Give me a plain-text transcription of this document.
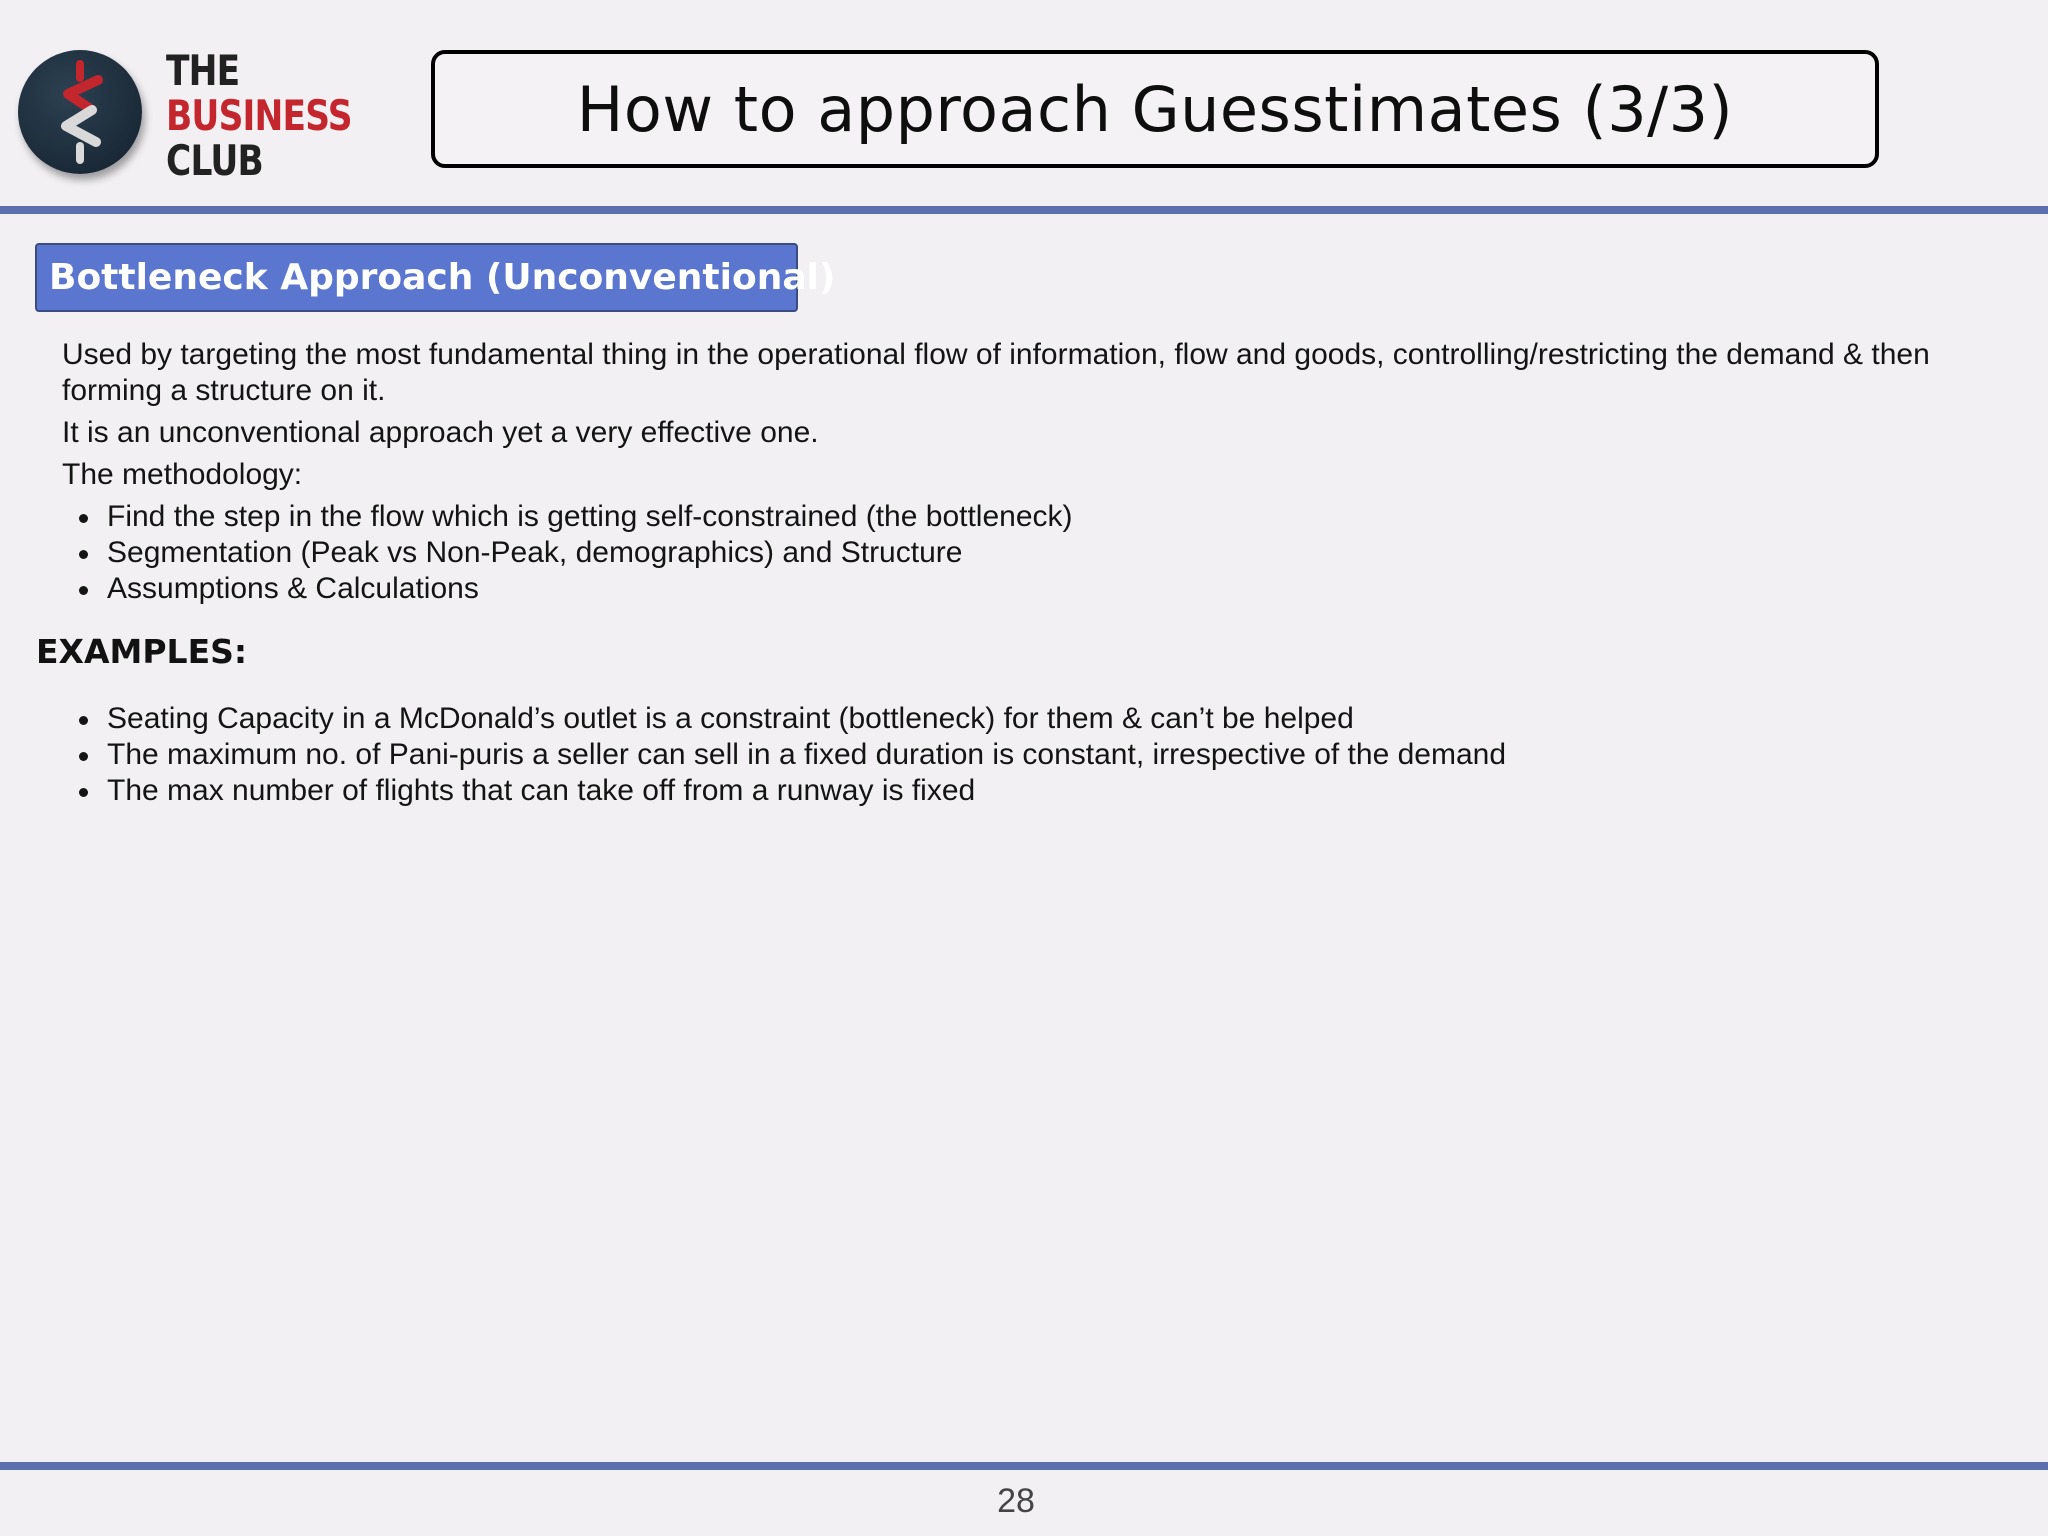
THE
BUSINESS
CLUB
How to approach Guesstimates (3/3)
Bottleneck Approach (Unconventional)

Used by targeting the most fundamental thing in the operational flow of information, flow and goods, controlling/restricting the demand & then forming a structure on it.

It is an unconventional approach yet a very effective one.

The methodology:

Find the step in the flow which is getting self-constrained (the bottleneck)
Segmentation (Peak vs Non-Peak, demographics) and Structure
Assumptions & Calculations
EXAMPLES:
Seating Capacity in a McDonald’s outlet is a constraint (bottleneck) for them & can’t be helped
The maximum no. of Pani-puris a seller can sell in a fixed duration is constant, irrespective of the demand
The max number of flights that can take off from a runway is fixed
28
